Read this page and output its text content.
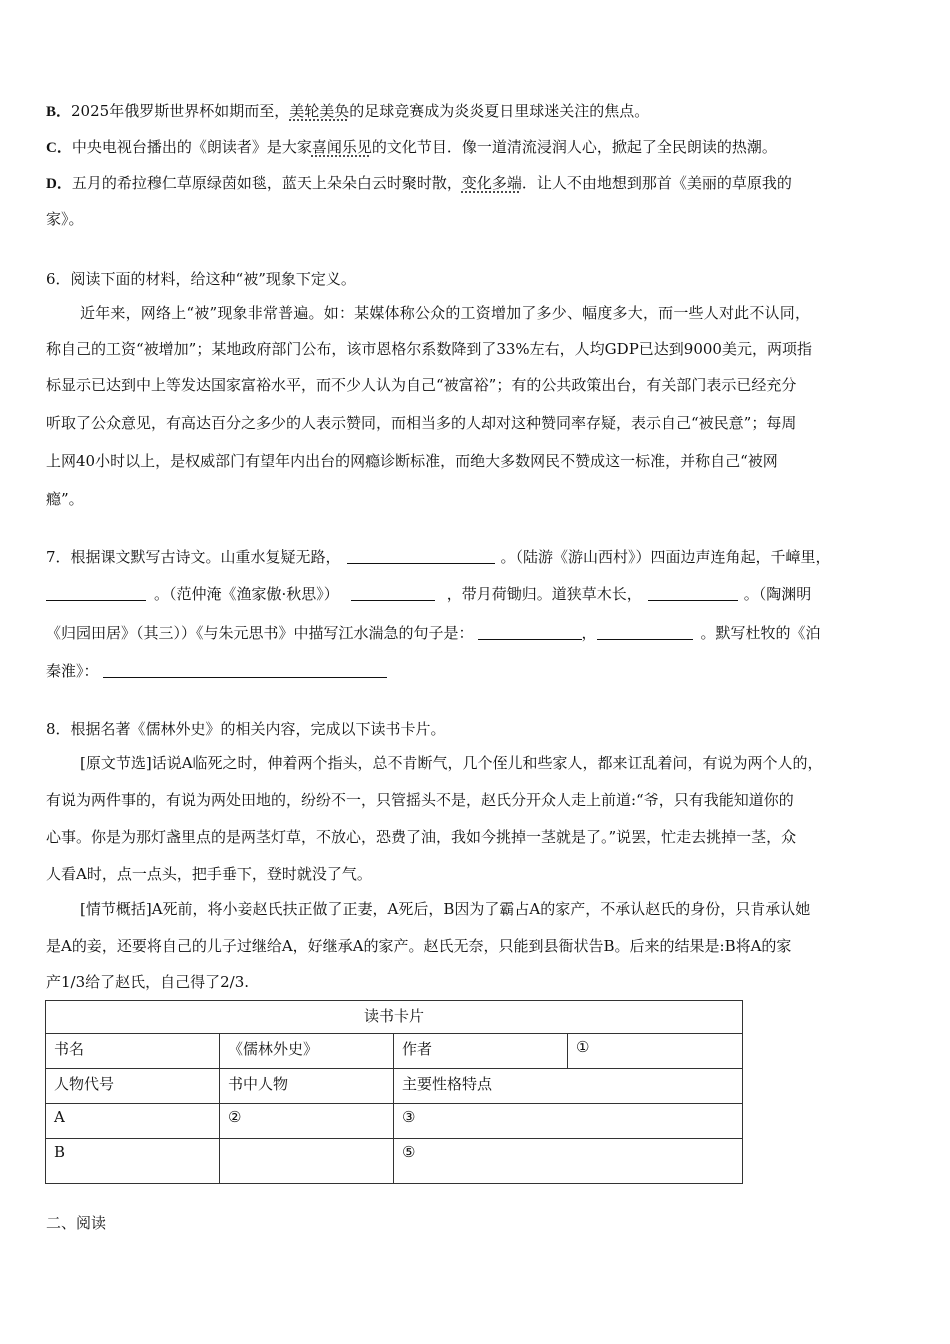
B．2025年俄罗斯世界杯如期而至，美轮美奂的足球竞赛成为炎炎夏日里球迷关注的焦点。
C．中央电视台播出的《朗读者》是大家喜闻乐见的文化节目．像一道清流浸润人心，掀起了全民朗读的热潮。
D．五月的希拉穆仁草原绿茵如毯，蓝天上朵朵白云时聚时散，变化多端．让人不由地想到那首《美丽的草原我的
家》。
6．阅读下面的材料，给这种“被”现象下定义。
近年来，网络上“被”现象非常普遍。如：某媒体称公众的工资增加了多少、幅度多大，而一些人对此不认同，
称自己的工资“被增加”；某地政府部门公布，该市恩格尔系数降到了33%左右，人均GDP已达到9000美元，两项指
标显示已达到中上等发达国家富裕水平，而不少人认为自己“被富裕”；有的公共政策出台，有关部门表示已经充分
听取了公众意见，有高达百分之多少的人表示赞同，而相当多的人却对这种赞同率存疑，表示自己“被民意”；每周
上网40小时以上，是权威部门有望年内出台的网瘾诊断标准，而绝大多数网民不赞成这一标准，并称自己“被网
瘾”。
7．根据课文默写古诗文。山重水复疑无路，	。（陆游《游山西村》）四面边声连角起，千嶂里，
。（范仲淹《渔家傲·秋思》）	，带月荷锄归。道狭草木长，	。（陶渊明
《归园田居》（其三））《与朱元思书》中描写江水湍急的句子是：	，	。默写杜牧的《泊
秦淮》：
8．根据名著《儒林外史》的相关内容，完成以下读书卡片。
[原文节选]话说A临死之时，伸着两个指头，总不肯断气，几个侄儿和些家人，都来讧乱着问，有说为两个人的，
有说为两件事的，有说为两处田地的，纷纷不一，只管摇头不是，赵氏分开众人走上前道:“爷，只有我能知道你的
心事。你是为那灯盏里点的是两茎灯草，不放心，恐费了油，我如今挑掉一茎就是了。”说罢，忙走去挑掉一茎，众
人看A时，点一点头，把手垂下，登时就没了气。
[情节概括]A死前，将小妾赵氏扶正做了正妻，A死后，B因为了霸占A的家产，不承认赵氏的身份，只肯承认她
是A的妾，还要将自己的儿子过继给A，好继承A的家产。赵氏无奈，只能到县衙状告B。后来的结果是:B将A的家
产1/3给了赵氏，自己得了2/3.
读书卡片			
书名	《儒林外史》	作者	①
人物代号	书中人物	主要性格特点	
A	②	③	
B		⑤	
二、阅读
